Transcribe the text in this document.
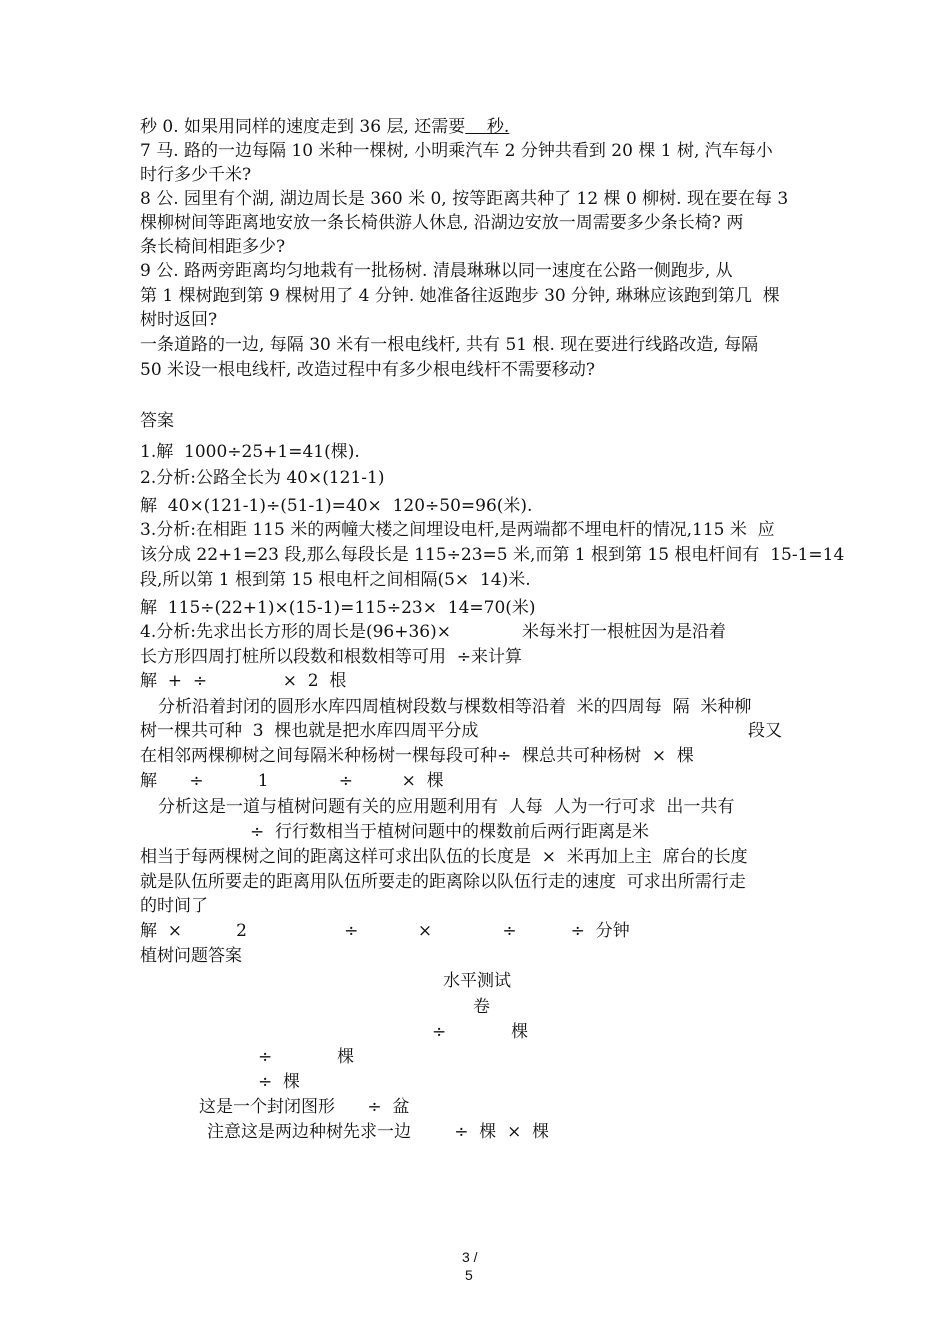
秒 0. 如果用同样的速度走到 36 层, 还需要    秒.
7 马. 路的一边每隔 10 米种一棵树, 小明乘汽车 2 分钟共看到 20 棵 1 树, 汽车每小
时行多少千米?
8 公. 园里有个湖, 湖边周长是 360 米 0, 按等距离共种了 12 棵 0 柳树. 现在要在每 3
棵柳树间等距离地安放一条长椅供游人休息, 沿湖边安放一周需要多少条长椅? 两
条长椅间相距多少?
9 公. 路两旁距离均匀地栽有一批杨树. 清晨琳琳以同一速度在公路一侧跑步, 从
第 1 棵树跑到第 9 棵树用了 4 分钟. 她准备往返跑步 30 分钟, 琳琳应该跑到第几  棵
树时返回?
一条道路的一边, 每隔 30 米有一根电线杆, 共有 51 根. 现在要进行线路改造, 每隔
50 米设一根电线杆, 改造过程中有多少根电线杆不需要移动?
答案
1.解  1000÷25+1=41(棵).
2.分析:公路全长为 40×(121-1)
解  40×(121-1)÷(51-1)=40×  120÷50=96(米).
3.分析:在相距 115 米的两幢大楼之间埋设电杆,是两端都不埋电杆的情况,115 米  应
该分成 22+1=23 段,那么每段长是 115÷23=5 米,而第 1 根到第 15 根电杆间有  15-1=14
段,所以第 1 根到第 15 根电杆之间相隔(5×  14)米.
解  115÷(22+1)×(15-1)=115÷23×  14=70(米)
4.分析:先求出长方形的周长是(96+36)×	米每米打一根桩因为是沿着
长方形四周打桩所以段数和根数相等可用  ÷来计算
解  +  ÷              ×  2  根
分析沿着封闭的圆形水库四周植树段数与棵数相等沿着  米的四周每  隔  米种柳
树一棵共可种  3  棵也就是把水库四周平分成	段又
在相邻两棵柳树之间每隔米种杨树一棵每段可种÷  棵总共可种杨树  ×  棵
解      ÷          1             ÷         ×  棵
分析这是一道与植树问题有关的应用题利用有  人每  人为一行可求  出一共有
÷  行行数相当于植树问题中的棵数前后两行距离是米
相当于每两棵树之间的距离这样可求出队伍的长度是  ×  米再加上主  席台的长度
就是队伍所要走的距离用队伍所要走的距离除以队伍行走的速度  可求出所需行走
的时间了
解  ×          2                  ÷           ×             ÷          ÷  分钟
植树问题答案
水平测试
卷
÷            棵
÷            棵
÷  棵
这是一个封闭图形      ÷  盆
注意这是两边种树先求一边        ÷  棵  ×  棵
3 /
5
